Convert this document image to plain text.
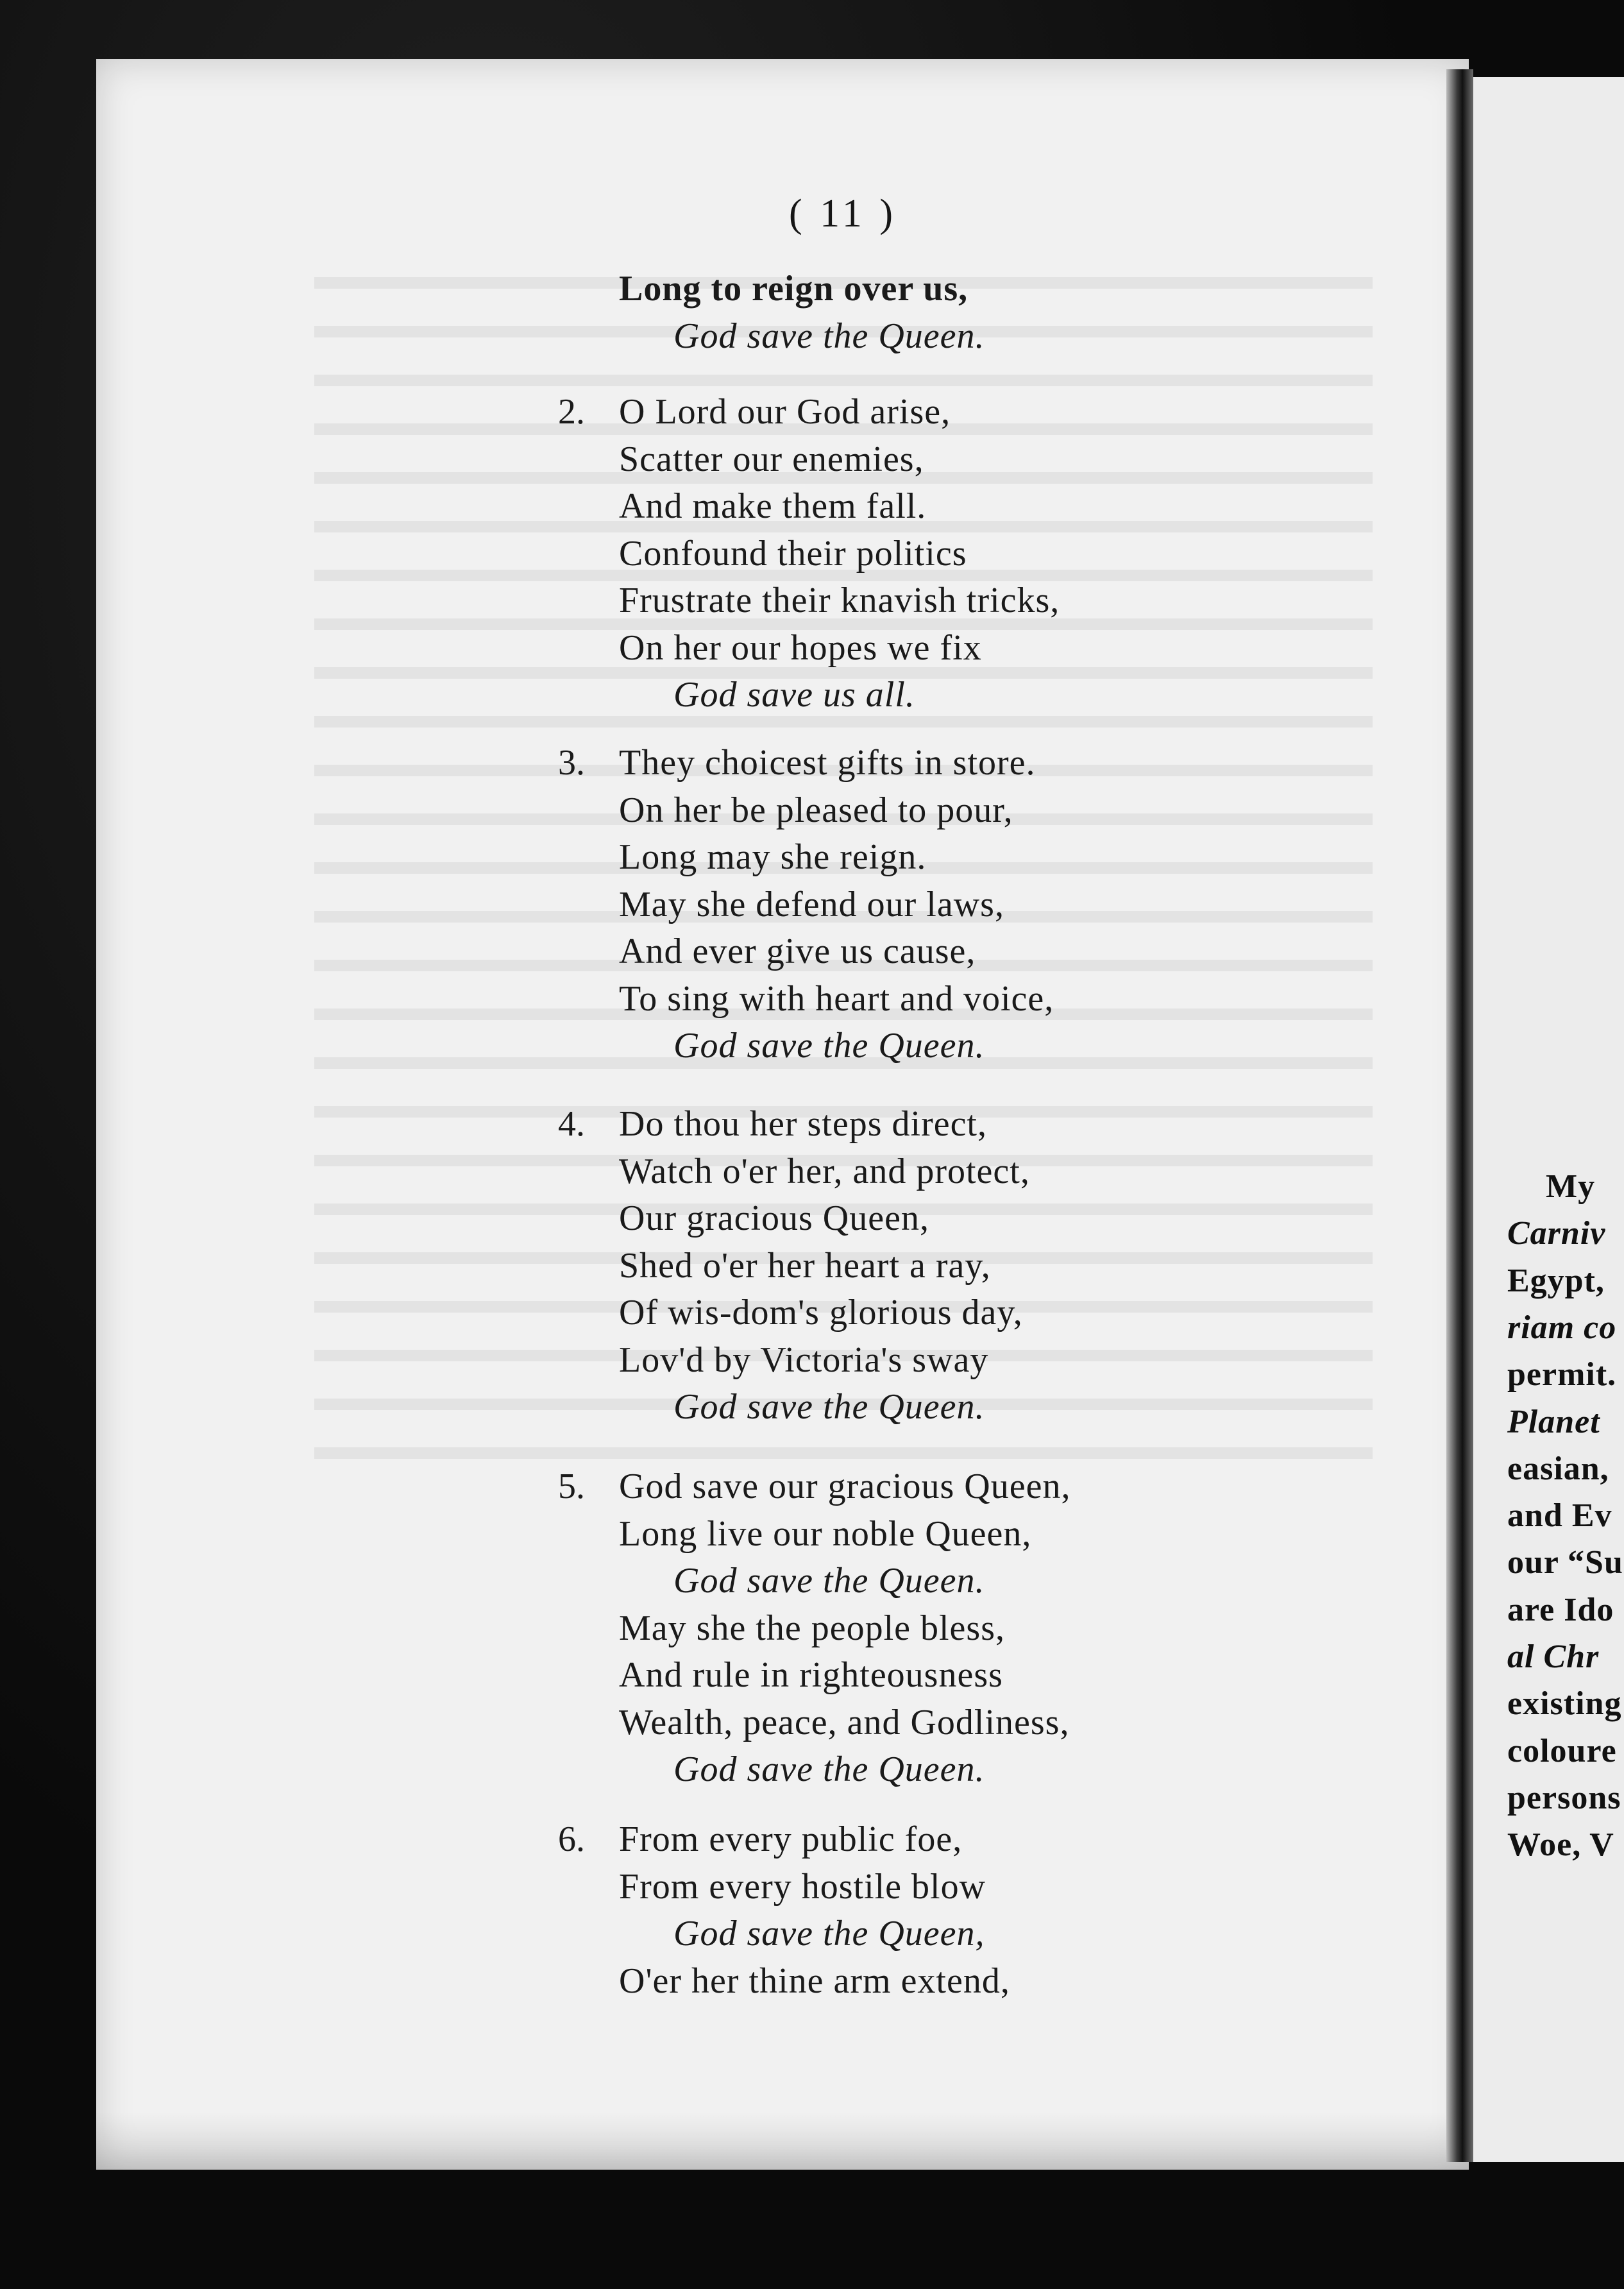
( 11 )
Long to reign over us,
God save the Queen.
2. O Lord our God arise,
Scatter our enemies,
And make them fall.
Confound their politics
Frustrate their knavish tricks,
On her our hopes we fix
God save us all.
3. They choicest gifts in store.
On her be pleased to pour,
Long may she reign.
May she defend our laws,
And ever give us cause,
To sing with heart and voice,
God save the Queen.
4. Do thou her steps direct,
Watch o'er her, and protect,
Our gracious Queen,
Shed o'er her heart a ray,
Of wis-dom's glorious day,
Lov'd by Victoria's sway
God save the Queen.
5. God save our gracious Queen,
Long live our noble Queen,
God save the Queen.
May she the people bless,
And rule in righteousness
Wealth, peace, and Godliness,
God save the Queen.
6. From every public foe,
From every hostile blow
God save the Queen,
O'er her thine arm extend,
My
Carniv
Egypt,
riam co
permit.
Planet
easian,
and Ev
our “Su
are Ido
al Chr
existing
coloure
persons
Woe, V
